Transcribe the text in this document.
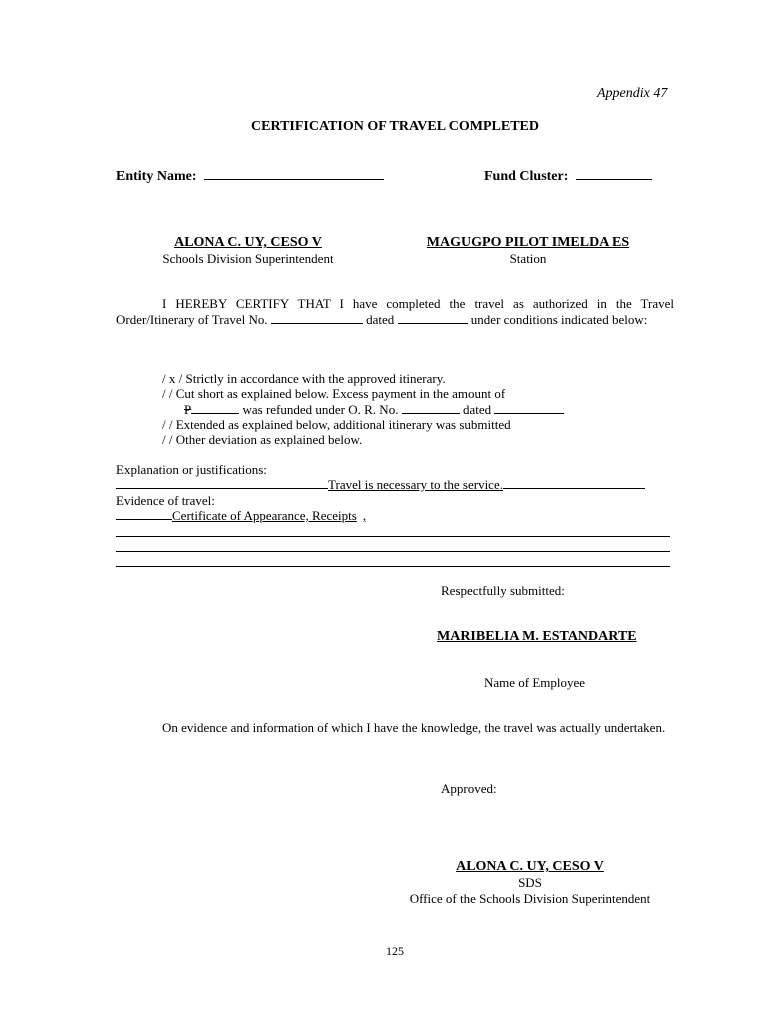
Appendix 47
CERTIFICATION OF TRAVEL COMPLETED
Entity Name:	Fund Cluster:
ALONA C. UY, CESO V
Schools Division Superintendent
MAGUGPO PILOT IMELDA ES
Station
I HEREBY CERTIFY THAT I have completed the travel as authorized in the Travel Order/Itinerary of Travel No.	dated	under conditions indicated below:
/ x / Strictly in accordance with the approved itinerary.
/ / Cut short as explained below. Excess payment in the amount of
P	was refunded under O. R. No.	dated
/ / Extended as explained below, additional itinerary was submitted
/ / Other deviation as explained below.
Explanation or justifications:
Travel is necessary to the service.
Evidence of travel:
Certificate of Appearance, Receipts ,
Respectfully submitted:
MARIBELIA M. ESTANDARTE
Name of Employee
On evidence and information of which I have the knowledge, the travel was actually undertaken.
Approved:
ALONA C. UY, CESO V
SDS
Office of the Schools Division Superintendent
125
